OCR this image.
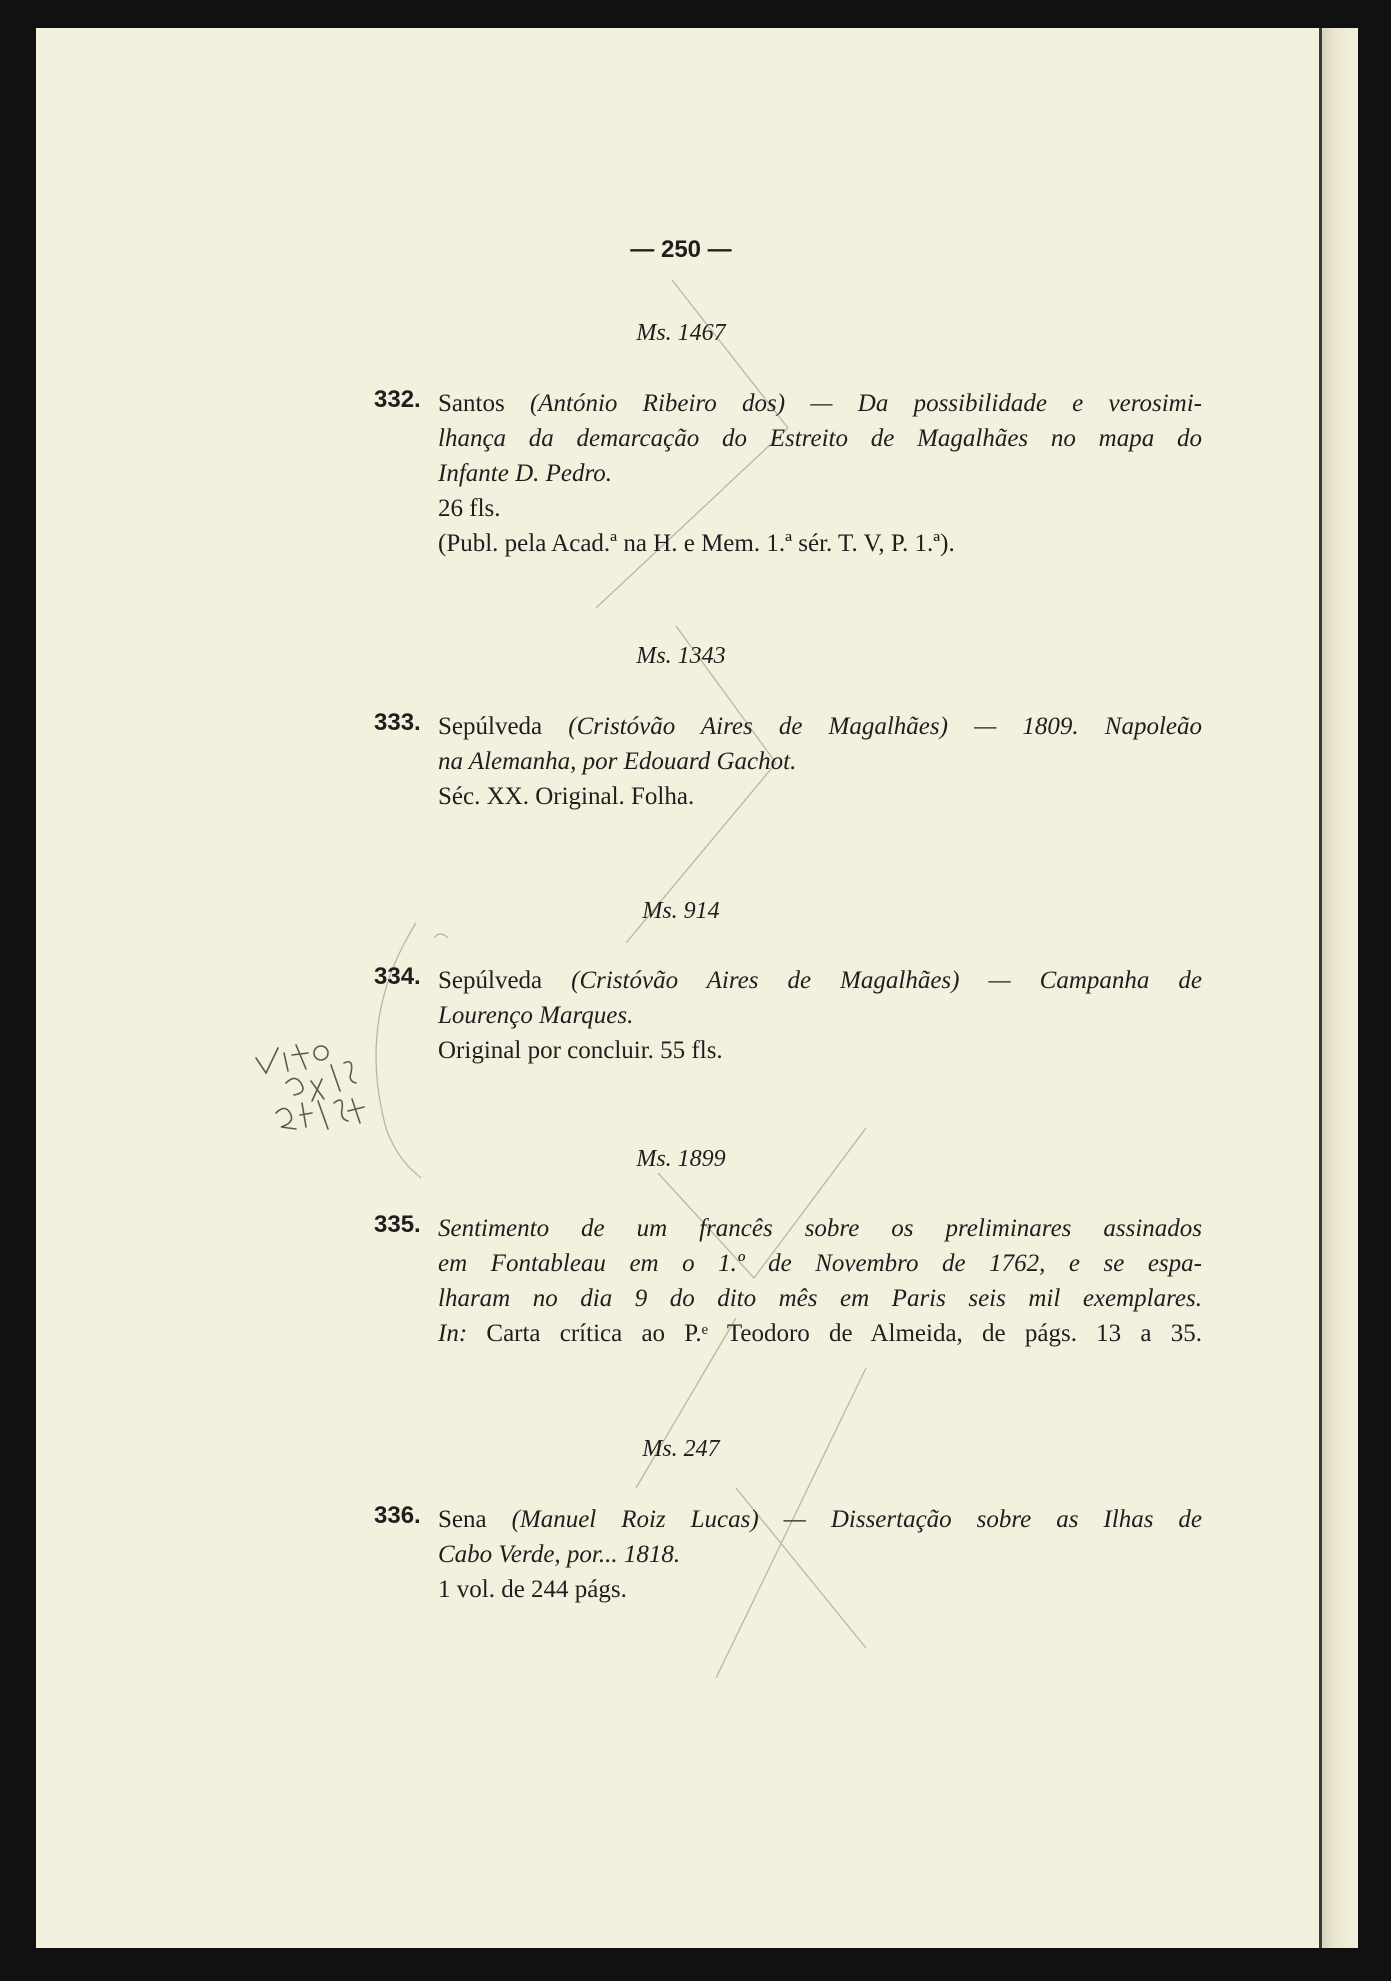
— 250 —
Ms. 1467
332. Santos (António Ribeiro dos) — Da possibilidade e verosimi-
lhança da demarcação do Estreito de Magalhães no mapa do
Infante D. Pedro.
26 fls.
(Publ. pela Acad.ª na H. e Mem. 1.ª sér. T. V, P. 1.ª).
Ms. 1343
333. Sepúlveda (Cristóvão Aires de Magalhães) — 1809. Napoleão
na Alemanha, por Edouard Gachot.
Séc. XX. Original. Folha.
Ms. 914
334. Sepúlveda (Cristóvão Aires de Magalhães) — Campanha de
Lourenço Marques.
Original por concluir. 55 fls.
Ms. 1899
335. Sentimento de um francês sobre os preliminares assinados
em Fontableau em o 1.º de Novembro de 1762, e se espa-
lharam no dia 9 do dito mês em Paris seis mil exemplares.
In: Carta crítica ao P.ᵉ Teodoro de Almeida, de págs. 13 a 35.
Ms. 247
336. Sena (Manuel Roiz Lucas) — Dissertação sobre as Ilhas de
Cabo Verde, por... 1818.
1 vol. de 244 págs.
